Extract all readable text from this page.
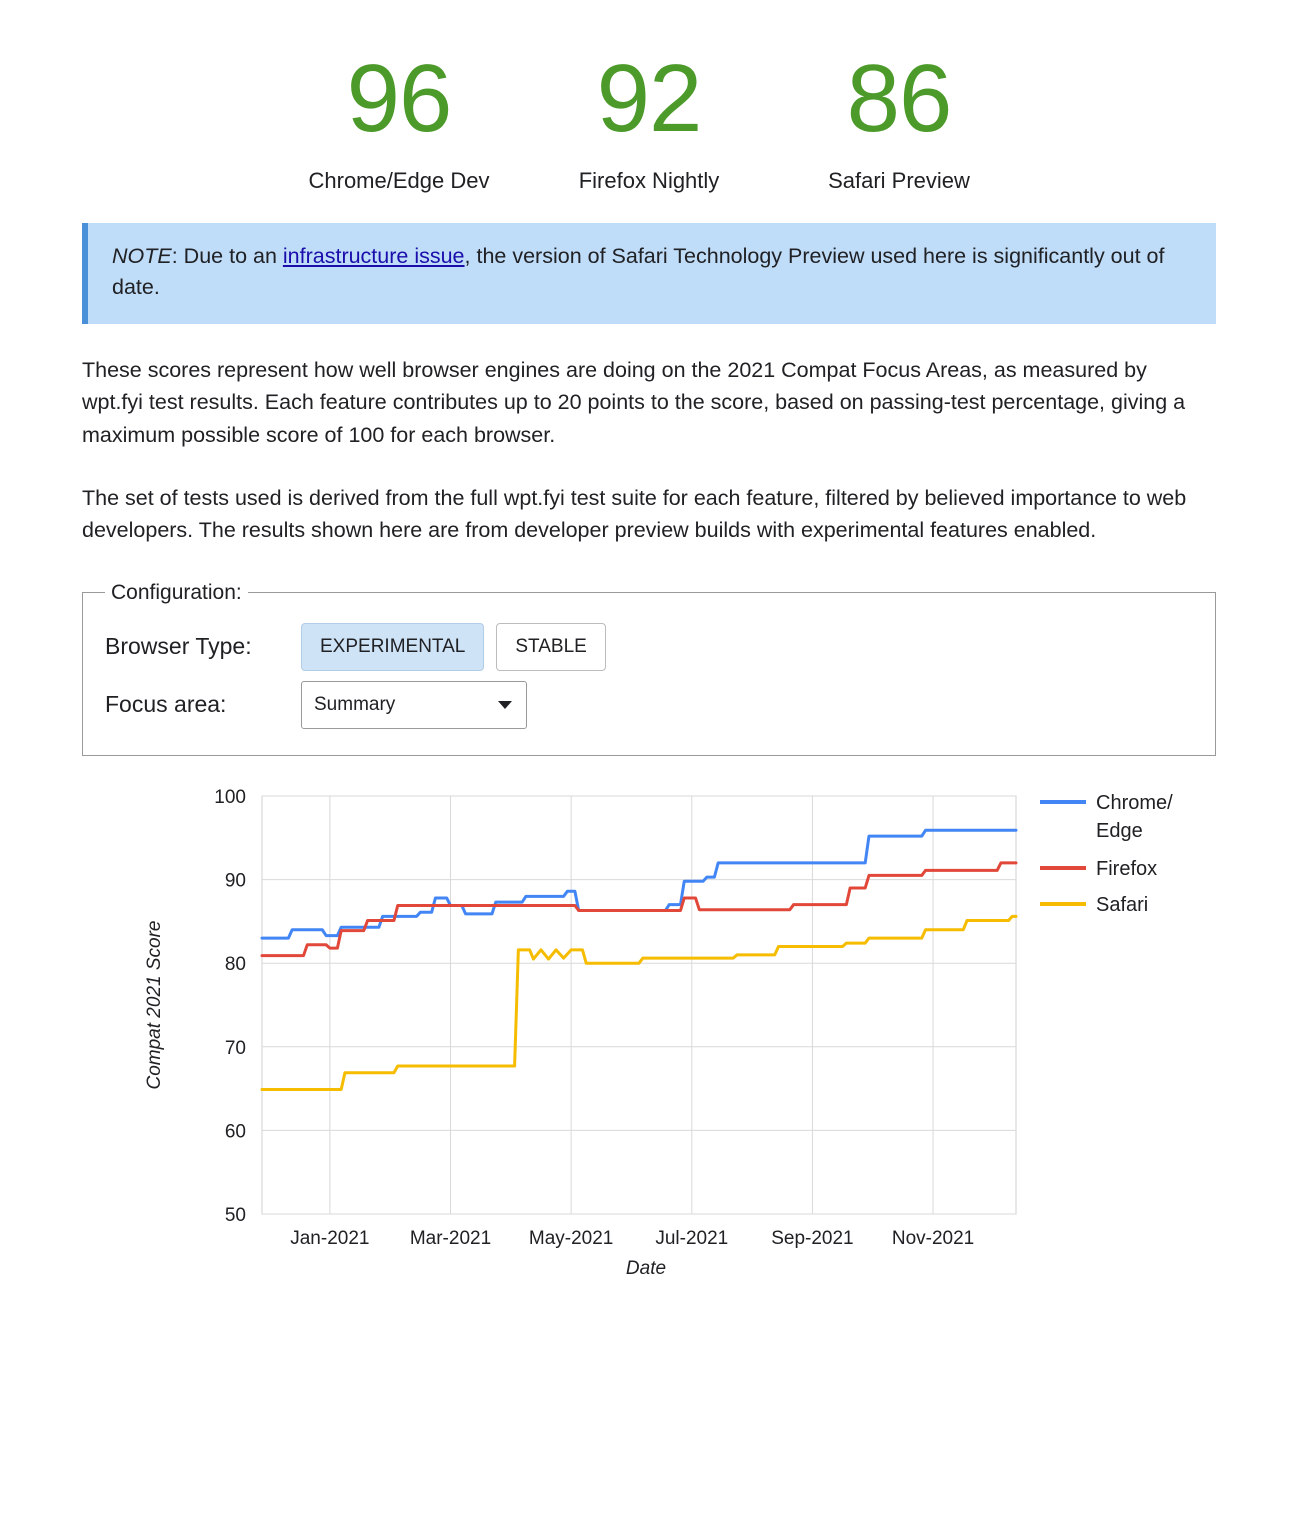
96
Chrome/Edge Dev
92
Firefox Nightly
86
Safari Preview
NOTE: Due to an infrastructure issue, the version of Safari Technology Preview used here is significantly out of date.

These scores represent how well browser engines are doing on the 2021 Compat Focus Areas, as measured by wpt.fyi test results. Each feature contributes up to 20 points to the score, based on passing-test percentage, giving a maximum possible score of 100 for each browser.

The set of tests used is derived from the full wpt.fyi test suite for each feature, filtered by believed importance to web developers. The results shown here are from developer preview builds with experimental features enabled.

Configuration:
Browser Type:	EXPERIMENTAL	STABLE
Focus area:	Summary
50
60
70
80
90
100
Jan-2021 Mar-2021 May-2021 Jul-2021 Sep-2021 Nov-2021
Chrome/ Edge
Firefox
Safari
Date
Compat 2021 Score
